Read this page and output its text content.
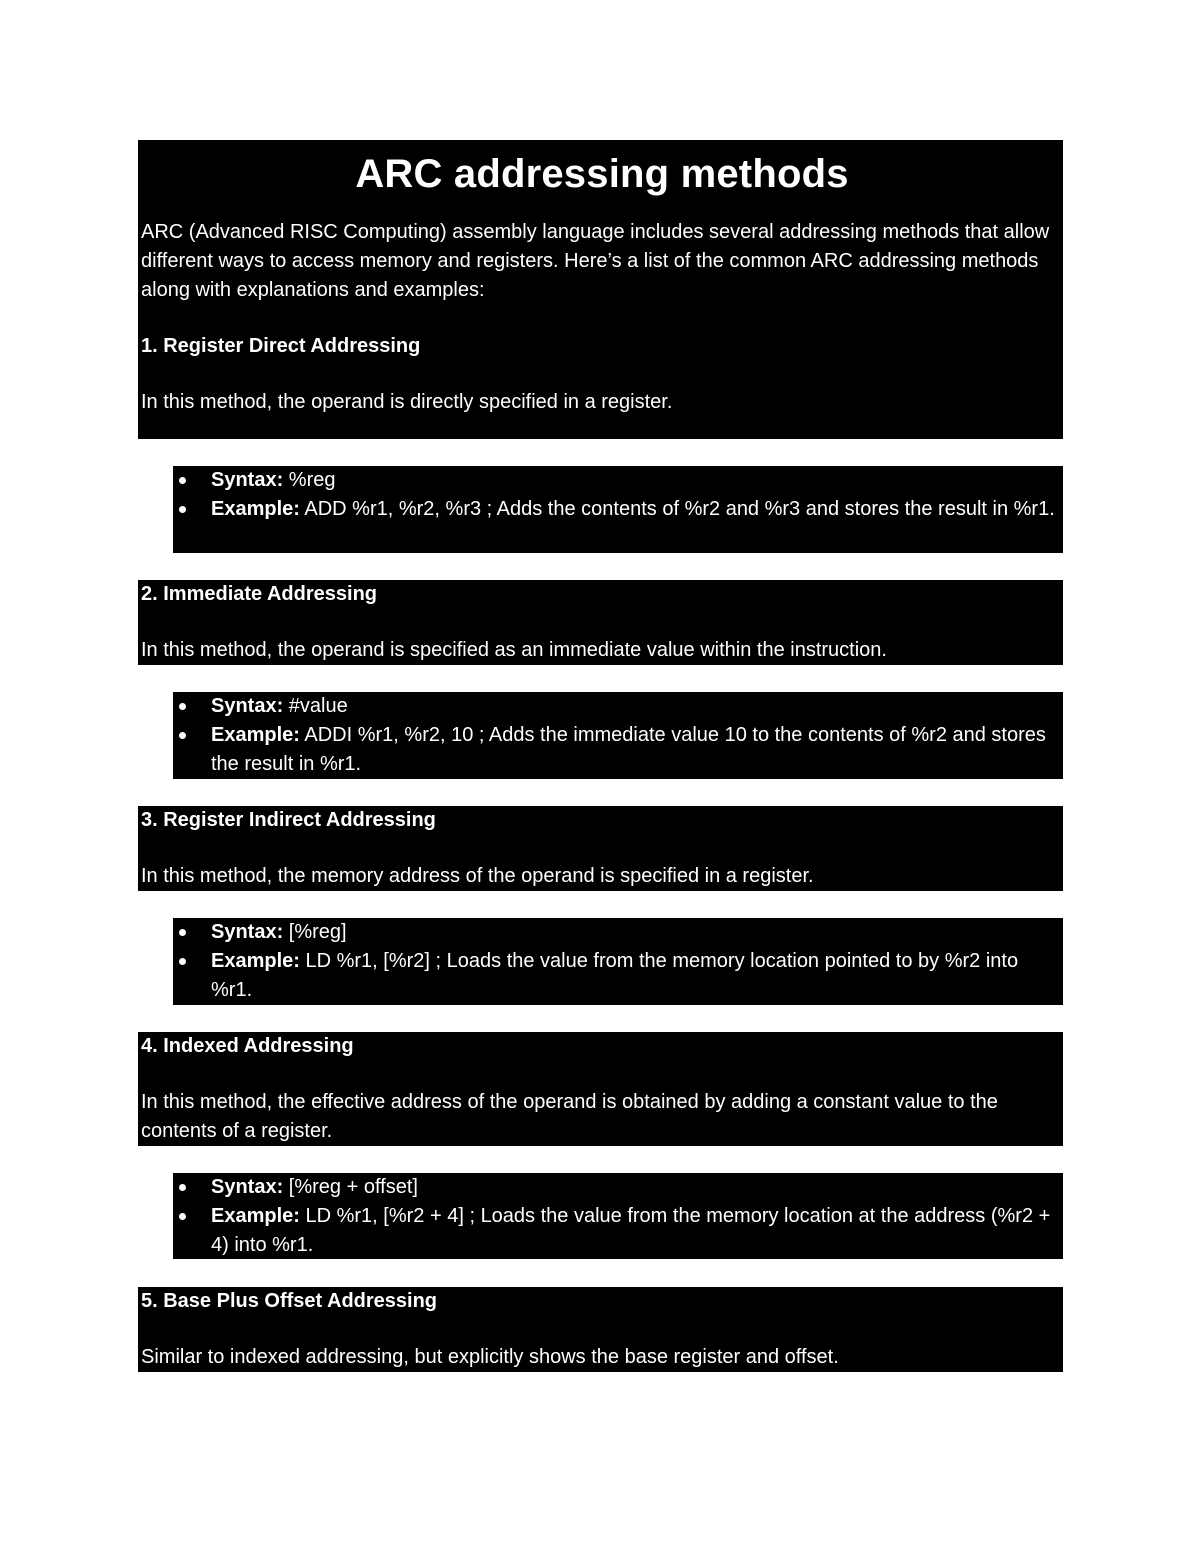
ARC addressing methods
ARC (Advanced RISC Computing) assembly language includes several addressing methods that allow different ways to access memory and registers. Here’s a list of the common ARC addressing methods along with explanations and examples:
1. Register Direct Addressing
In this method, the operand is directly specified in a register.
Syntax: %reg
Example: ADD %r1, %r2, %r3 ; Adds the contents of %r2 and %r3 and stores the result in %r1.
2. Immediate Addressing
In this method, the operand is specified as an immediate value within the instruction.
Syntax: #value
Example: ADDI %r1, %r2, 10 ; Adds the immediate value 10 to the contents of %r2 and stores the result in %r1.
3. Register Indirect Addressing
In this method, the memory address of the operand is specified in a register.
Syntax: [%reg]
Example: LD %r1, [%r2] ; Loads the value from the memory location pointed to by %r2 into %r1.
4. Indexed Addressing
In this method, the effective address of the operand is obtained by adding a constant value to the contents of a register.
Syntax: [%reg + offset]
Example: LD %r1, [%r2 + 4] ; Loads the value from the memory location at the address (%r2 + 4) into %r1.
5. Base Plus Offset Addressing
Similar to indexed addressing, but explicitly shows the base register and offset.
